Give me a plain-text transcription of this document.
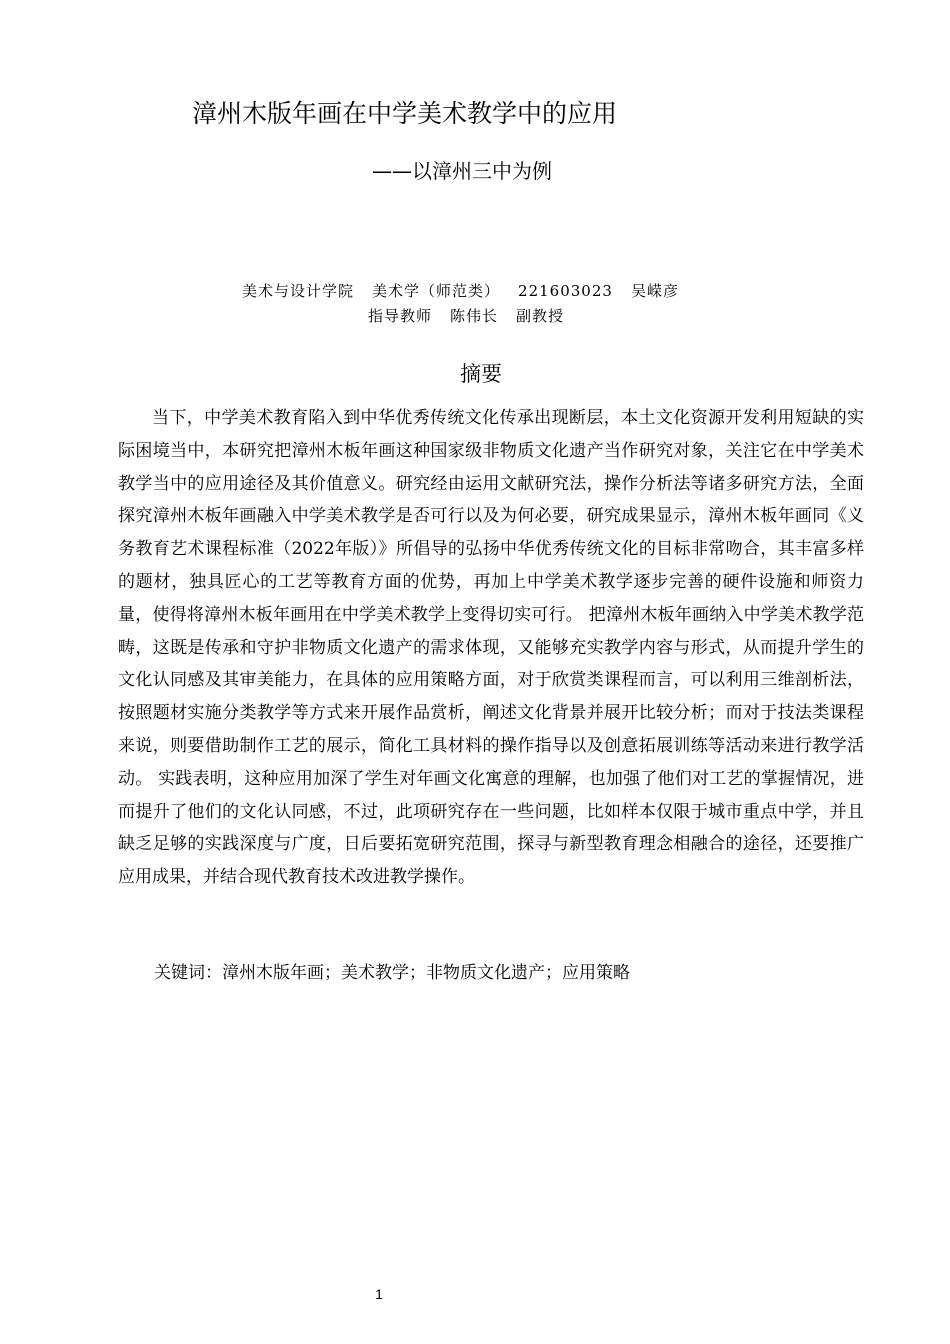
漳州木版年画在中学美术教学中的应用
——以漳州三中为例
美术与设计学院 美术学（师范类） 221603023 吴嵘彦
指导教师 陈伟长 副教授
摘要

当下，中学美术教育陷入到中华优秀传统文化传承出现断层，本土文化资源开发利用短缺的实际困境当中，本研究把漳州木板年画这种国家级非物质文化遗产当作研究对象，关注它在中学美术教学当中的应用途径及其价值意义。研究经由运用文献研究法，操作分析法等诸多研究方法，全面探究漳州木板年画融入中学美术教学是否可行以及为何必要，研究成果显示，漳州木板年画同《义务教育艺术课程标准（2022年版）》所倡导的弘扬中华优秀传统文化的目标非常吻合，其丰富多样的题材，独具匠心的工艺等教育方面的优势，再加上中学美术教学逐步完善的硬件设施和师资力量，使得将漳州木板年画用在中学美术教学上变得切实可行。 把漳州木板年画纳入中学美术教学范畴，这既是传承和守护非物质文化遗产的需求体现，又能够充实教学内容与形式，从而提升学生的文化认同感及其审美能力，在具体的应用策略方面，对于欣赏类课程而言，可以利用三维剖析法，按照题材实施分类教学等方式来开展作品赏析，阐述文化背景并展开比较分析；而对于技法类课程来说，则要借助制作工艺的展示，简化工具材料的操作指导以及创意拓展训练等活动来进行教学活动。 实践表明，这种应用加深了学生对年画文化寓意的理解，也加强了他们对工艺的掌握情况，进而提升了他们的文化认同感，不过，此项研究存在一些问题，比如样本仅限于城市重点中学，并且缺乏足够的实践深度与广度，日后要拓宽研究范围，探寻与新型教育理念相融合的途径，还要推广应用成果，并结合现代教育技术改进教学操作。

关键词：漳州木版年画；美术教学；非物质文化遗产；应用策略
1
